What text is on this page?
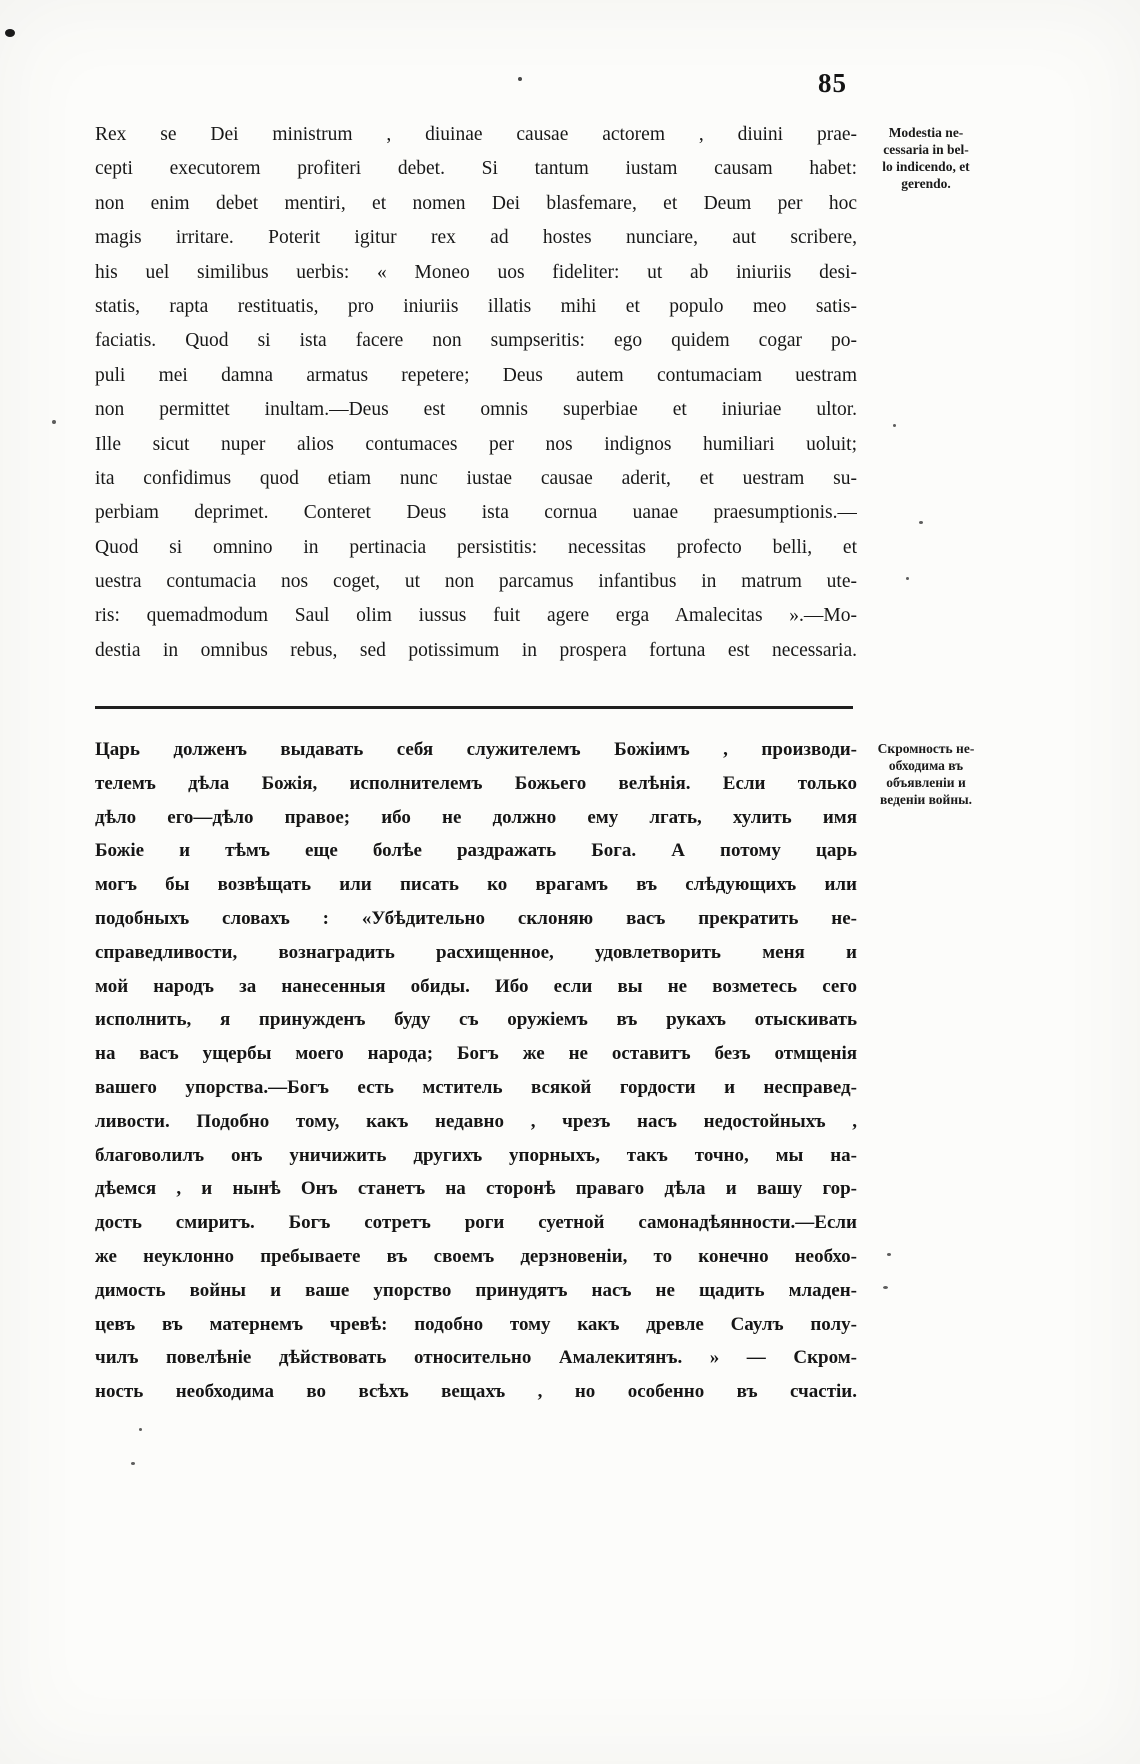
85
Rex se Dei ministrum , diuinae causae actorem , diuini prae-
cepti executorem profiteri debet. Si tantum iustam causam habet:
non enim debet mentiri, et nomen Dei blasfemare, et Deum per hoc
magis irritare. Poterit igitur rex ad hostes nunciare, aut scribere,
his uel similibus uerbis: « Moneo uos fideliter: ut ab iniuriis desi-
statis, rapta restituatis, pro iniuriis illatis mihi et populo meo satis-
faciatis. Quod si ista facere non sumpseritis: ego quidem cogar po-
puli mei damna armatus repetere; Deus autem contumaciam uestram
non permittet inultam.—Deus est omnis superbiae et iniuriae ultor.
Ille sicut nuper alios contumaces per nos indignos humiliari uoluit;
ita confidimus quod etiam nunc iustae causae aderit, et uestram su-
perbiam deprimet. Conteret Deus ista cornua uanae praesumptionis.—
Quod si omnino in pertinacia persistitis: necessitas profecto belli, et
uestra contumacia nos coget, ut non parcamus infantibus in matrum ute-
ris: quemadmodum Saul olim iussus fuit agere erga Amalecitas ».—Mo-
destia in omnibus rebus, sed potissimum in prospera fortuna est necessaria.
Modestia ne-
cessaria in bel-
lo indicendo, et
gerendo.
Царь долженъ выдавать себя служителемъ Божіимъ , производи-
телемъ дѣла Божія, исполнителемъ Божьего велѣнія. Если только
дѣло его—дѣло правое; ибо не должно ему лгать, хулить имя
Божіе и тѣмъ еще болѣе раздражать Бога. А потому царь
могъ бы возвѣщать или писать ко врагамъ въ слѣдующихъ или
подобныхъ словахъ : «Убѣдительно склоняю васъ прекратить не-
справедливости, вознаградить расхищенное, удовлетворить меня и
мой народъ за нанесенныя обиды. Ибо если вы не возметесь сего
исполнить, я принужденъ буду съ оружіемъ въ рукахъ отыскивать
на васъ ущербы моего народа; Богъ же не оставитъ безъ отмщенія
вашего упорства.—Богъ есть мститель всякой гордости и несправед-
ливости. Подобно тому, какъ недавно , чрезъ насъ недостойныхъ ,
благоволилъ онъ уничижить другихъ упорныхъ, такъ точно, мы на-
дѣемся , и нынѣ Онъ станетъ на сторонѣ праваго дѣла и вашу гор-
дость смиритъ. Богъ сотретъ роги суетной самонадѣянности.—Если
же неуклонно пребываете въ своемъ дерзновеніи, то конечно необхо-
димость войны и ваше упорство принудятъ насъ не щадить младен-
цевъ въ матернемъ чревѣ: подобно тому какъ древле Саулъ полу-
чилъ повелѣніе дѣйствовать относительно Амалекитянъ. » — Скром-
ность необходима во всѣхъ вещахъ , но особенно въ счастіи.
Скромность не-
обходима въ
объявленіи и
веденіи войны.
